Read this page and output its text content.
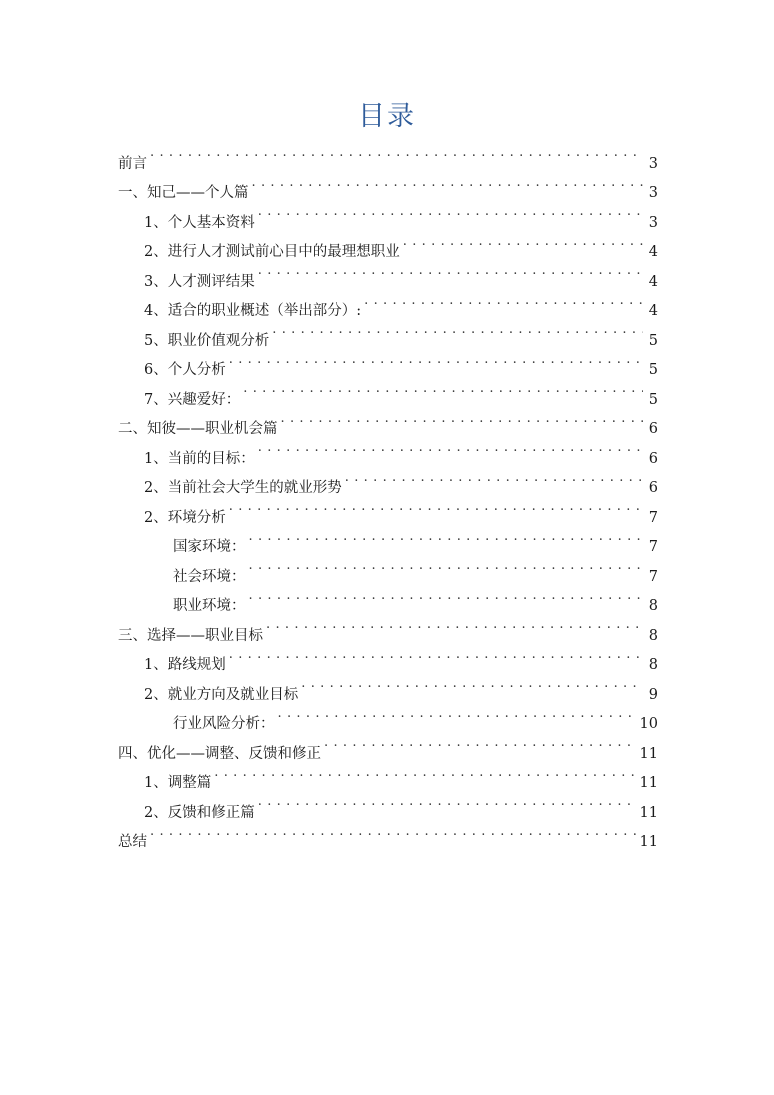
目录
前言 . . .	3
一、知己——个人篇 . . .	3
1、个人基本资料 . . .	3
2、进行人才测试前心目中的最理想职业 . . .	4
3、人才测评结果 . . .	4
4、适合的职业概述（举出部分）: . . .	4
5、职业价值观分析 . . .	5
6、个人分析 . . .	5
7、兴趣爱好： . . .	5
二、知彼——职业机会篇 . . .	6
1、当前的目标： . . .	6
2、当前社会大学生的就业形势 . . .	6
2、环境分析 . . .	7
国家环境： . . .	7
社会环境： . . .	7
职业环境： . . .	8
三、选择——职业目标 . . .	8
1、路线规划 . . .	8
2、就业方向及就业目标 . . .	9
行业风险分析： . . .	10
四、优化——调整、反馈和修正 . . .	11
1、调整篇 . . .	11
2、反馈和修正篇 . . .	11
总结 . . .	11
